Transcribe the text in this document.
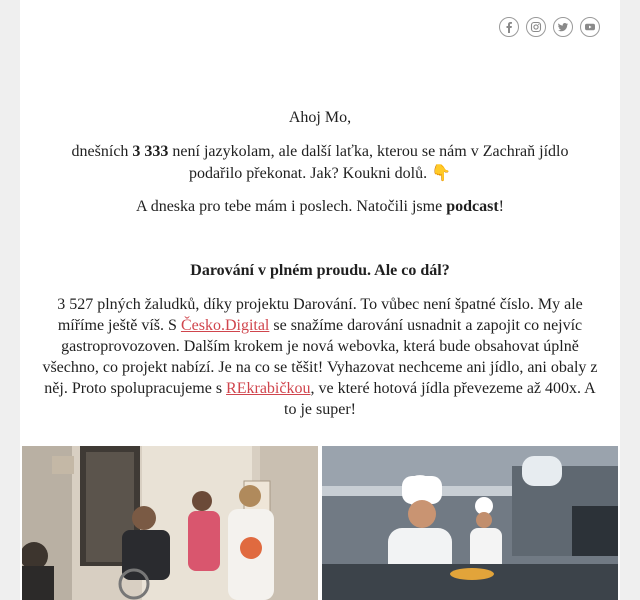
Ahoj Mo,
dnešních 3 333 není jazykolam, ale další laťka, kterou se nám v Zachraň jídlo podařilo překonat. Jak? Koukni dolů. 👇
A dneska pro tebe mám i poslech. Natočili jsme podcast!
Darování v plném proudu. Ale co dál?
3 527 plných žaludků, díky projektu Darování. To vůbec není špatné číslo. My ale míříme ještě víš. S Česko.Digital se snažíme darování usnadnit a zapojit co nejvíc gastroprovozoven. Dalším krokem je nová webovka, která bude obsahovat úplně všechno, co projekt nabízí. Je na co se těšit! Vyhazovat nechceme ani jídlo, ani obaly z něj. Proto spolupracujeme s REkrabičkou, ve které hotová jídla převezeme až 400x. A to je super!
